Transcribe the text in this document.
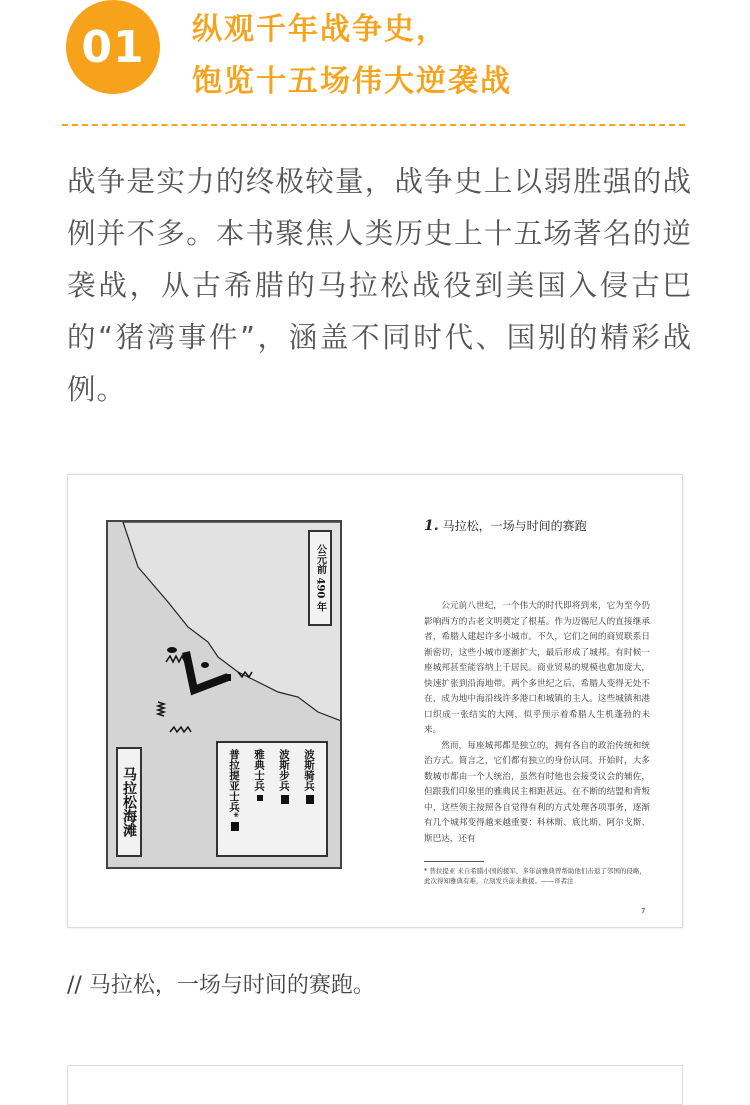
01	纵观千年战争史，
饱览十五场伟大逆袭战
战争是实力的终极较量，战争史上以弱胜强的战例并不多。本书聚焦人类历史上十五场著名的逆袭战，从古希腊的马拉松战役到美国入侵古巴的“猪湾事件”，涵盖不同时代、国别的精彩战例。
公元前 490 年
马拉松海滩	波斯骑兵
波斯步兵
雅典士兵
普拉提亚士兵*
1. 马拉松，一场与时间的赛跑

公元前八世纪，一个伟大的时代即将到来，它为至今仍影响西方的古老文明奠定了根基。作为迈锡尼人的直接继承者，希腊人建起许多小城市。不久，它们之间的商贸联系日渐密切，这些小城市逐渐扩大，最后形成了城邦。有时候一座城邦甚至能容纳上千居民。商业贸易的规模也愈加庞大，快速扩张到沿海地带。两个多世纪之后，希腊人变得无处不在，成为地中海沿线许多港口和城镇的主人。这些城镇和港口织成一张结实的大网，似乎预示着希腊人生机蓬勃的未来。

然而，每座城邦都是独立的，拥有各自的政治传统和统治方式。简言之，它们都有独立的身份认同。开始时，大多数城市都由一个人统治，虽然有时他也会接受议会的辅佐，但跟我们印象里的雅典民主相距甚远。在不断的结盟和背叛中，这些领主按照各自觉得有利的方式处理各项事务，逐渐有几个城邦变得越来越重要：科林斯、底比斯、阿尔戈斯、斯巴达，还有

* 普拉提亚 来自希腊小国的援军，多年前雅典曾帮助他们击退了邻国的侵略，此次得知雅典有难，立刻发兵前来救援。——译者注
7
// 马拉松，一场与时间的赛跑。
